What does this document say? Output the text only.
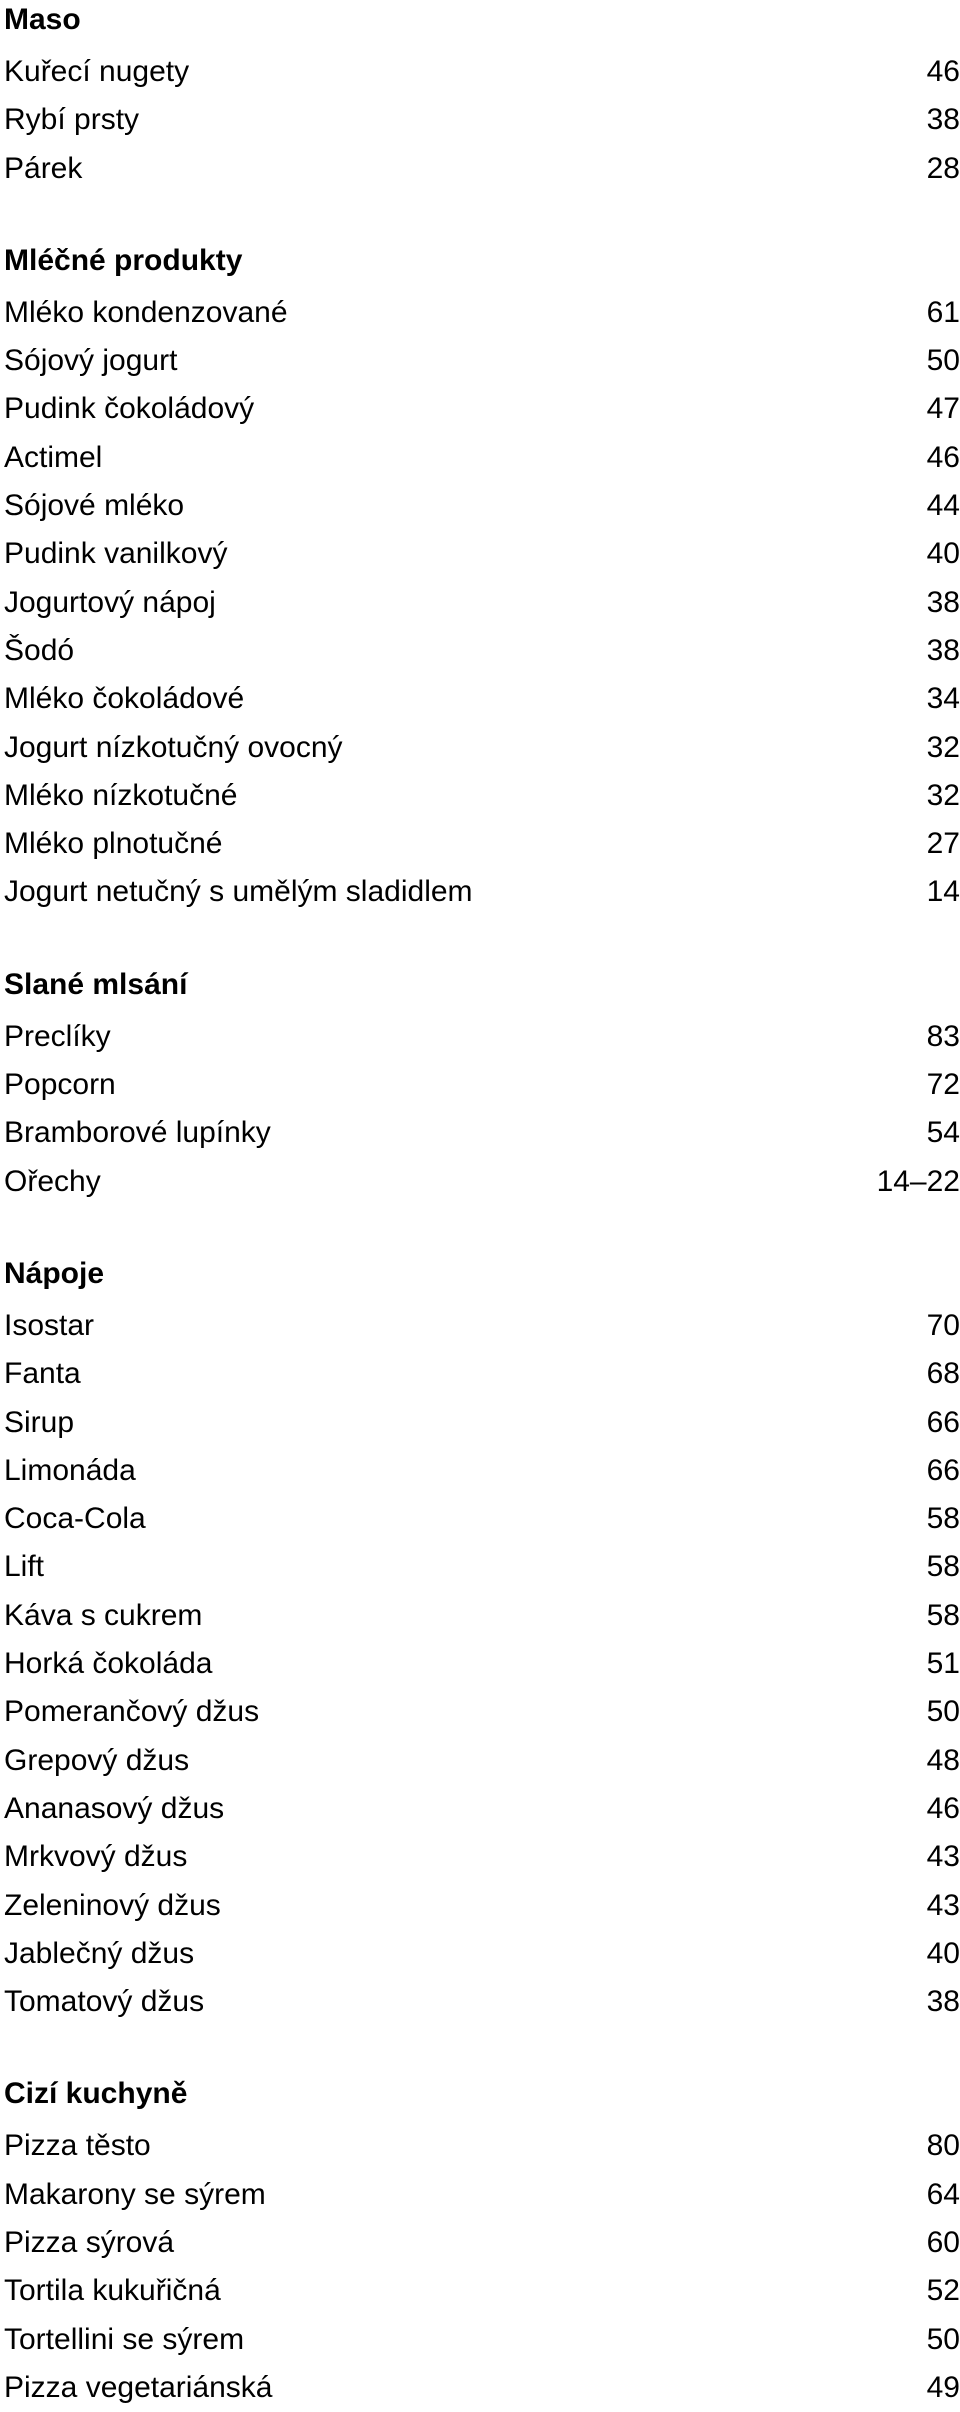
Maso
Kuřecí nugety	46
Rybí prsty	38
Párek	28
Mléčné produkty
Mléko kondenzované	61
Sójový jogurt	50
Pudink čokoládový	47
Actimel	46
Sójové mléko	44
Pudink vanilkový	40
Jogurtový nápoj	38
Šodó	38
Mléko čokoládové	34
Jogurt nízkotučný ovocný	32
Mléko nízkotučné	32
Mléko plnotučné	27
Jogurt netučný s umělým sladidlem	14
Slané mlsání
Preclíky	83
Popcorn	72
Bramborové lupínky	54
Ořechy	14–22
Nápoje
Isostar	70
Fanta	68
Sirup	66
Limonáda	66
Coca-Cola	58
Lift	58
Káva s cukrem	58
Horká čokoláda	51
Pomerančový džus	50
Grepový džus	48
Ananasový džus	46
Mrkvový džus	43
Zeleninový džus	43
Jablečný džus	40
Tomatový džus	38
Cizí kuchyně
Pizza těsto	80
Makarony se sýrem	64
Pizza sýrová	60
Tortila kukuřičná	52
Tortellini se sýrem	50
Pizza vegetariánská	49
